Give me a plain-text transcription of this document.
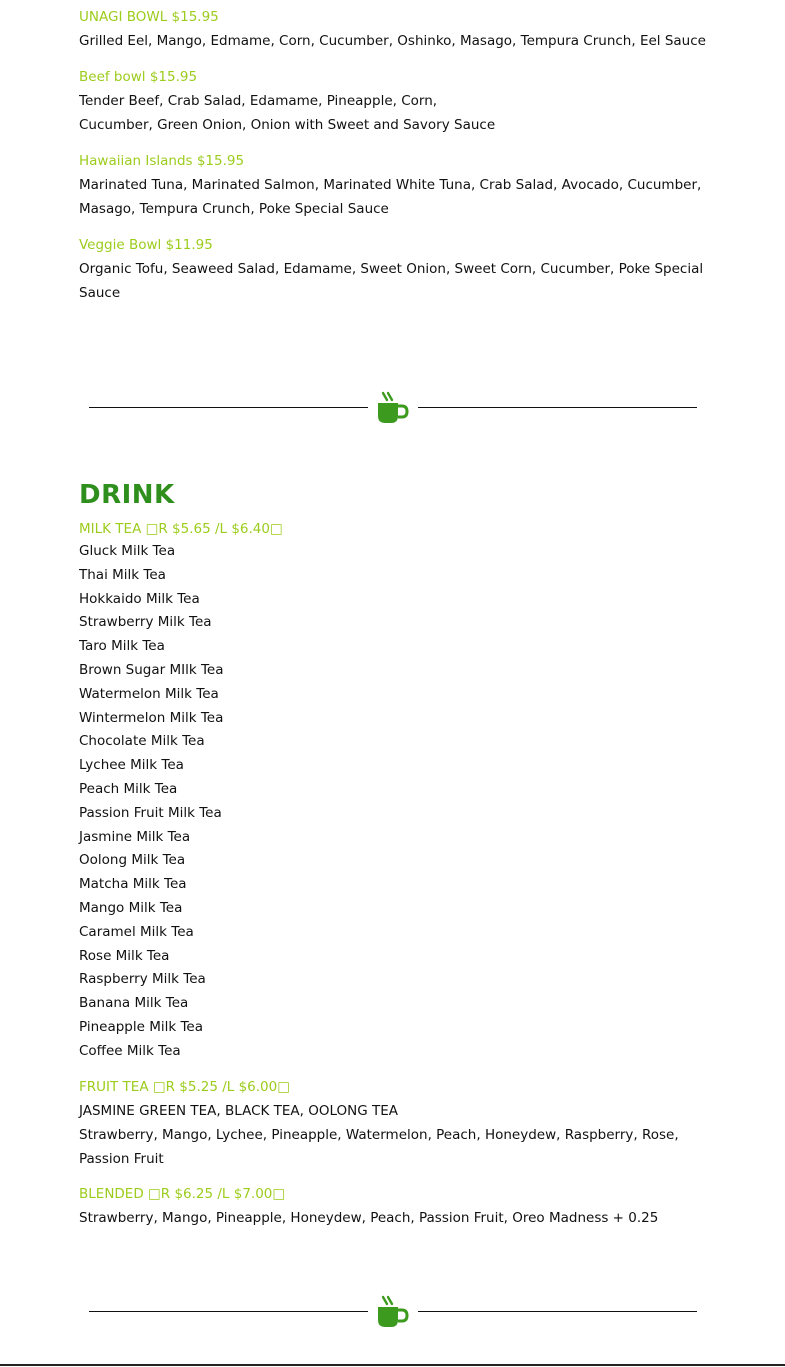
UNAGI BOWL $15.95

Grilled Eel, Mango, Edmame, Corn, Cucumber, Oshinko, Masago, Tempura Crunch, Eel Sauce

Beef bowl $15.95

Tender Beef, Crab Salad, Edamame, Pineapple, Corn,
Cucumber, Green Onion, Onion with Sweet and Savory Sauce

Hawaiian Islands $15.95

Marinated Tuna, Marinated Salmon, Marinated White Tuna, Crab Salad, Avocado, Cucumber, Masago, Tempura Crunch, Poke Special Sauce

Veggie Bowl $11.95

Organic Tofu, Seaweed Salad, Edamame, Sweet Onion, Sweet Corn, Cucumber, Poke Special Sauce

DRINK

MILK TEA □R $5.65 /L $6.40□

Gluck Milk Tea
Thai Milk Tea
Hokkaido Milk Tea
Strawberry Milk Tea
Taro Milk Tea
Brown Sugar MIlk Tea
Watermelon Milk Tea
Wintermelon Milk Tea
Chocolate Milk Tea
Lychee Milk Tea
Peach Milk Tea
Passion Fruit Milk Tea
Jasmine Milk Tea
Oolong Milk Tea
Matcha Milk Tea
Mango Milk Tea
Caramel Milk Tea
Rose Milk Tea
Raspberry Milk Tea
Banana Milk Tea
Pineapple Milk Tea
Coffee Milk Tea

FRUIT TEA □R $5.25 /L $6.00□

JASMINE GREEN TEA, BLACK TEA, OOLONG TEA

Strawberry, Mango, Lychee, Pineapple, Watermelon, Peach, Honeydew, Raspberry, Rose, Passion Fruit

BLENDED □R $6.25 /L $7.00□

Strawberry, Mango, Pineapple, Honeydew, Peach, Passion Fruit, Oreo Madness + 0.25
